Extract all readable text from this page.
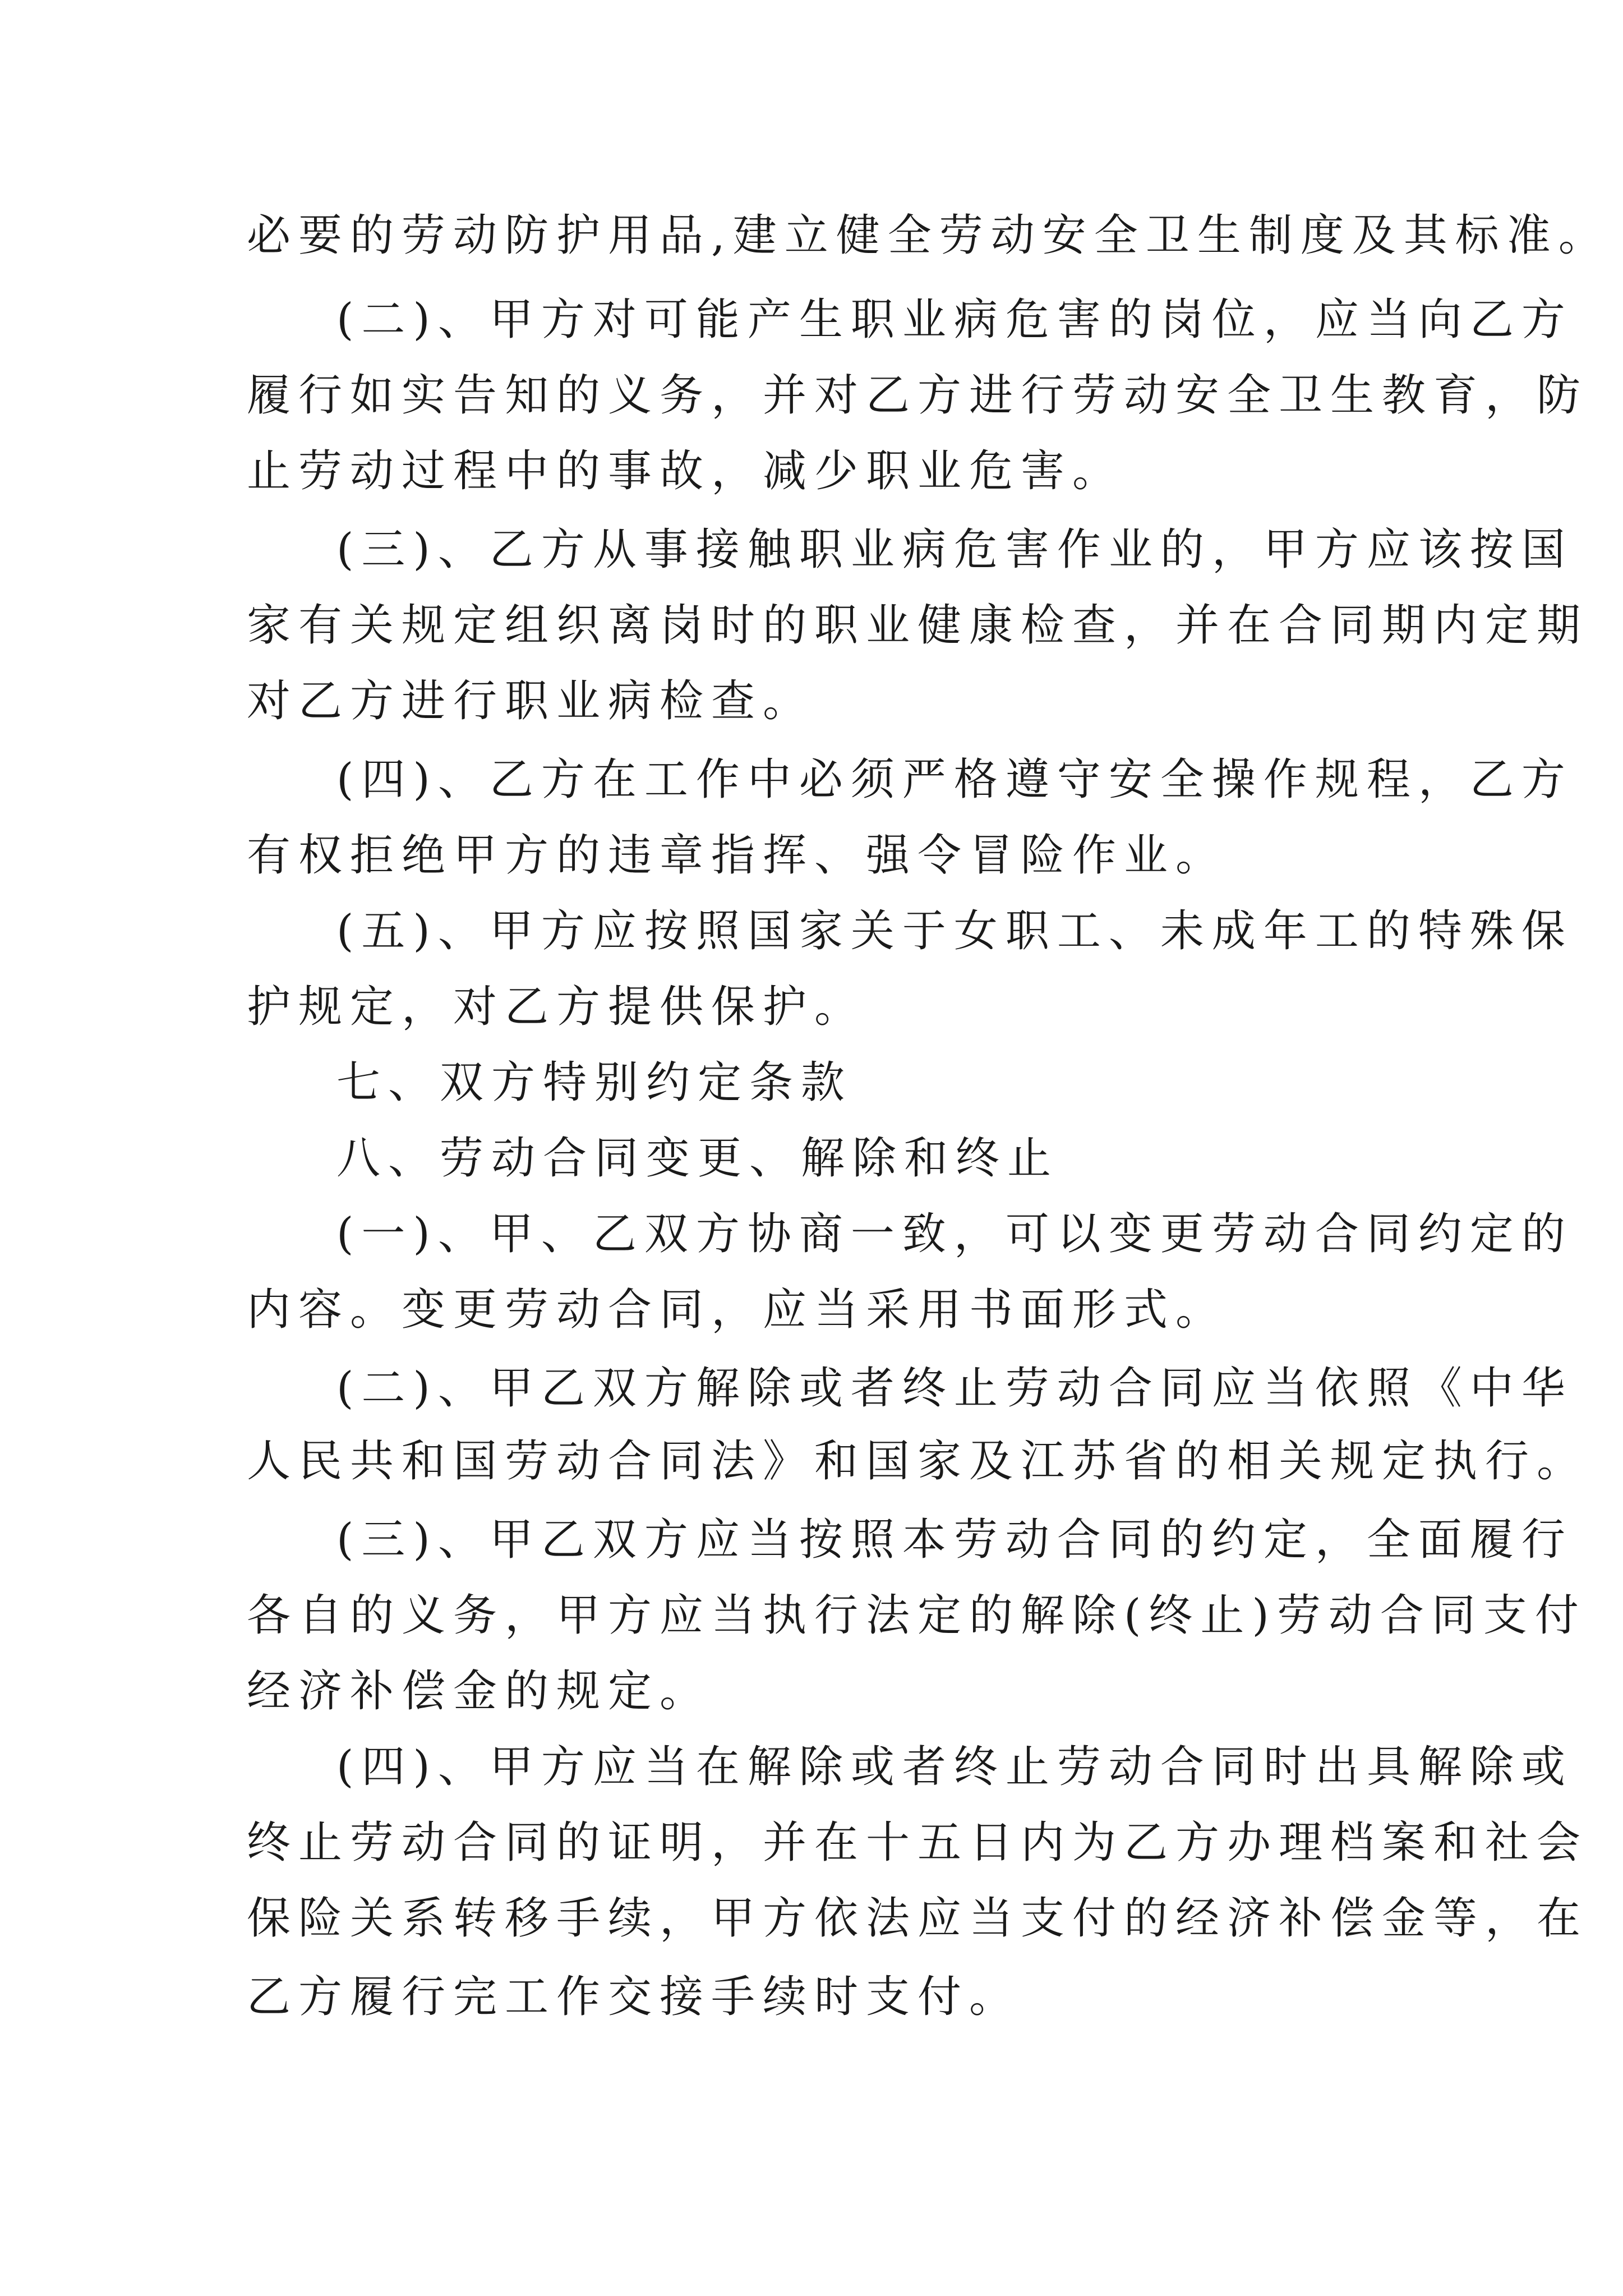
必要的劳动防护用品,建立健全劳动安全卫生制度及其标准。
(二)、甲方对可能产生职业病危害的岗位，应当向乙方
履行如实告知的义务，并对乙方进行劳动安全卫生教育，防
止劳动过程中的事故，减少职业危害。
(三)、乙方从事接触职业病危害作业的，甲方应该按国
家有关规定组织离岗时的职业健康检查，并在合同期内定期
对乙方进行职业病检查。
(四)、乙方在工作中必须严格遵守安全操作规程，乙方
有权拒绝甲方的违章指挥、强令冒险作业。
(五)、甲方应按照国家关于女职工、未成年工的特殊保
护规定，对乙方提供保护。
七、双方特别约定条款
八、劳动合同变更、解除和终止
(一)、甲、乙双方协商一致，可以变更劳动合同约定的
内容。变更劳动合同，应当采用书面形式。
(二)、甲乙双方解除或者终止劳动合同应当依照《中华
人民共和国劳动合同法》和国家及江苏省的相关规定执行。
(三)、甲乙双方应当按照本劳动合同的约定，全面履行
各自的义务，甲方应当执行法定的解除(终止)劳动合同支付
经济补偿金的规定。
(四)、甲方应当在解除或者终止劳动合同时出具解除或
终止劳动合同的证明，并在十五日内为乙方办理档案和社会
保险关系转移手续，甲方依法应当支付的经济补偿金等，在
乙方履行完工作交接手续时支付。
